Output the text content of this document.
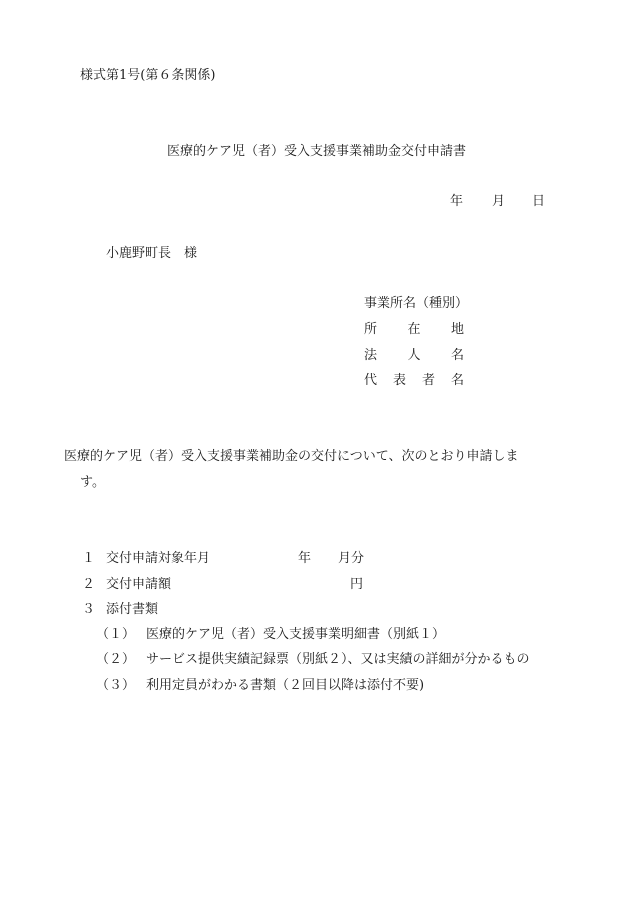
様式第1号(第６条関係)
医療的ケア児（者）受入支援事業補助金交付申請書
年 月 日
小鹿野町長　様
事業所名（種別）
所 在 地
法 人 名
代 表 者 名
医療的ケア児（者）受入支援事業補助金の交付について、次のとおり申請しま
す。
１ 交付申請対象年月	年 月分
２ 交付申請額	円
３ 添付書類
（１） 医療的ケア児（者）受入支援事業明細書（別紙１）
（２） サービス提供実績記録票（別紙２）、又は実績の詳細が分かるもの
（３） 利用定員がわかる書類（２回目以降は添付不要)
